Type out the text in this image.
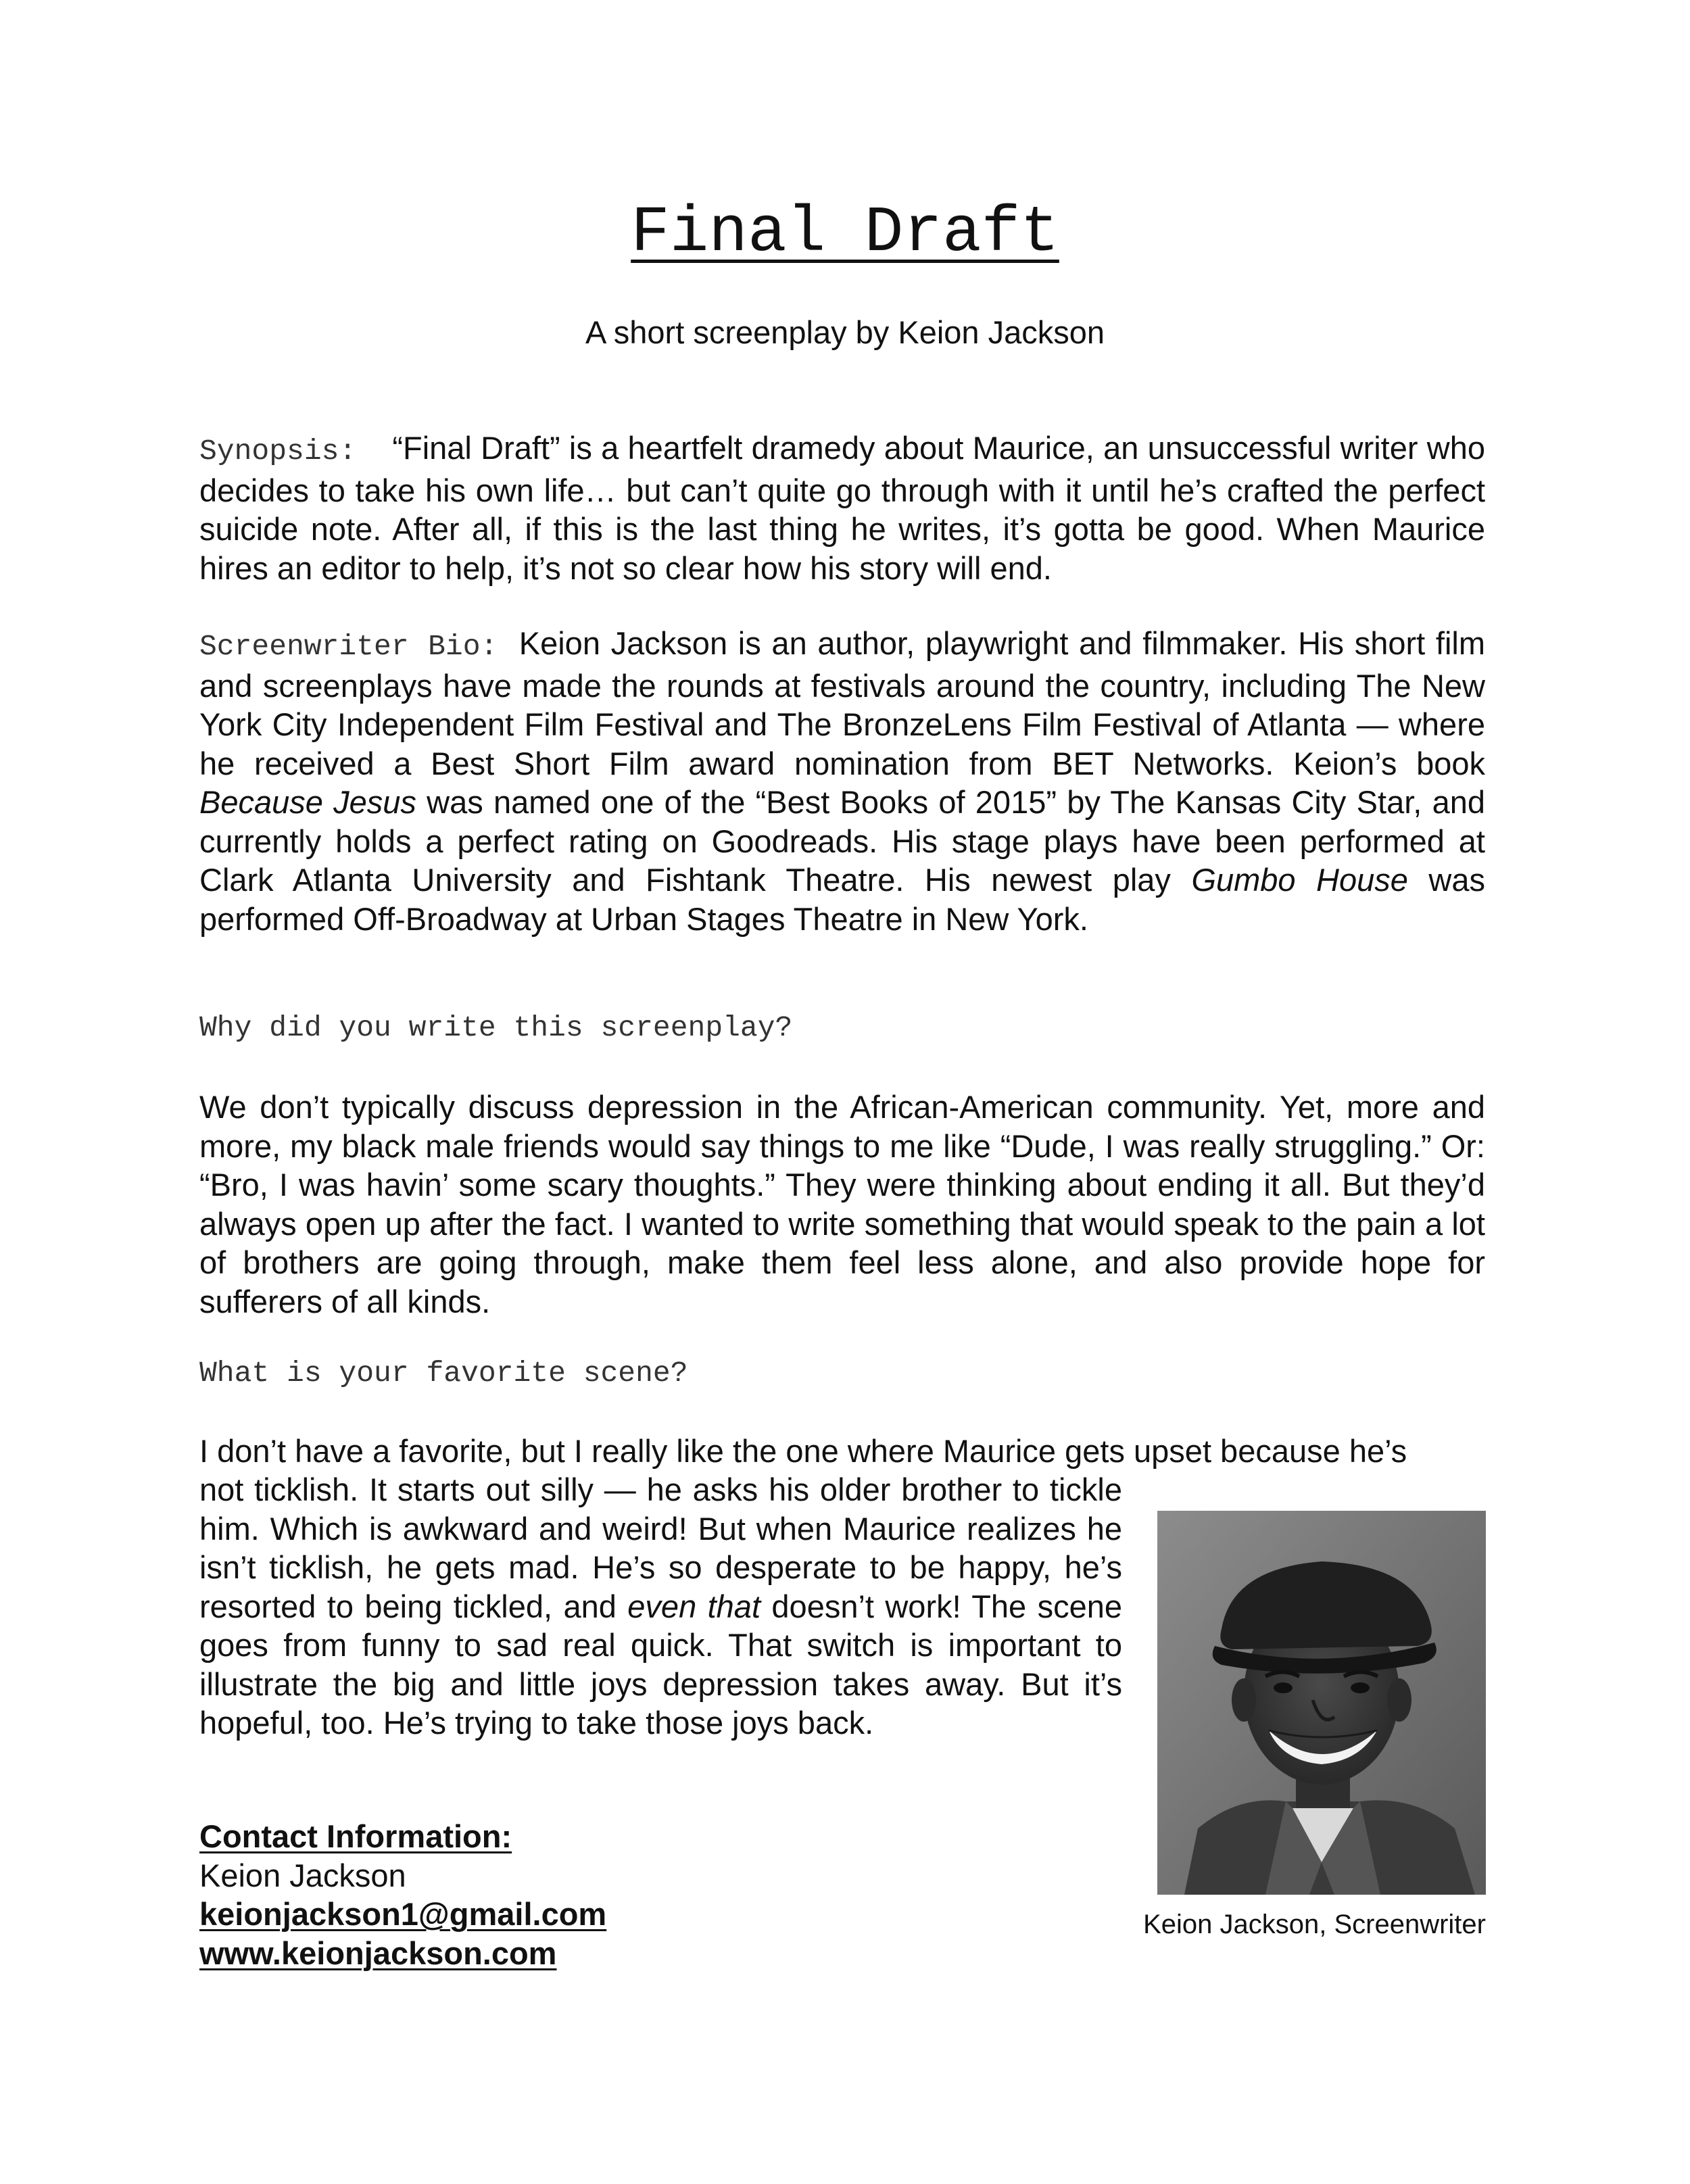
Final Draft

A short screenplay by Keion Jackson

Synopsis: “Final Draft” is a heartfelt dramedy about Maurice, an unsuccessful writer who decides to take his own life… but can’t quite go through with it until he’s crafted the perfect suicide note. After all, if this is the last thing he writes, it’s gotta be good. When Maurice hires an editor to help, it’s not so clear how his story will end.

Screenwriter Bio: Keion Jackson is an author, playwright and filmmaker. His short film and screenplays have made the rounds at festivals around the country, including The New York City Independent Film Festival and The BronzeLens Film Festival of Atlanta — where he received a Best Short Film award nomination from BET Networks. Keion’s book Because Jesus was named one of the “Best Books of 2015” by The Kansas City Star, and currently holds a perfect rating on Goodreads. His stage plays have been performed at Clark Atlanta University and Fishtank Theatre. His newest play Gumbo House was performed Off-Broadway at Urban Stages Theatre in New York.

Why did you write this screenplay?

We don’t typically discuss depression in the African-American community. Yet, more and more, my black male friends would say things to me like “Dude, I was really struggling.” Or: “Bro, I was havin’ some scary thoughts.” They were thinking about ending it all. But they’d always open up after the fact. I wanted to write something that would speak to the pain a lot of brothers are going through, make them feel less alone, and also provide hope for sufferers of all kinds.

What is your favorite scene?

I don’t have a favorite, but I really like the one where Maurice gets upset because he’s

not ticklish. It starts out silly — he asks his older brother to tickle him. Which is awkward and weird! But when Maurice realizes he isn’t ticklish, he gets mad. He’s so desperate to be happy, he’s resorted to being tickled, and even that doesn’t work! The scene goes from funny to sad real quick. That switch is important to illustrate the big and little joys depression takes away. But it’s hopeful, too. He’s trying to take those joys back.

Keion Jackson, Screenwriter

Contact Information:
Keion Jackson
keionjackson1@gmail.com
www.keionjackson.com
